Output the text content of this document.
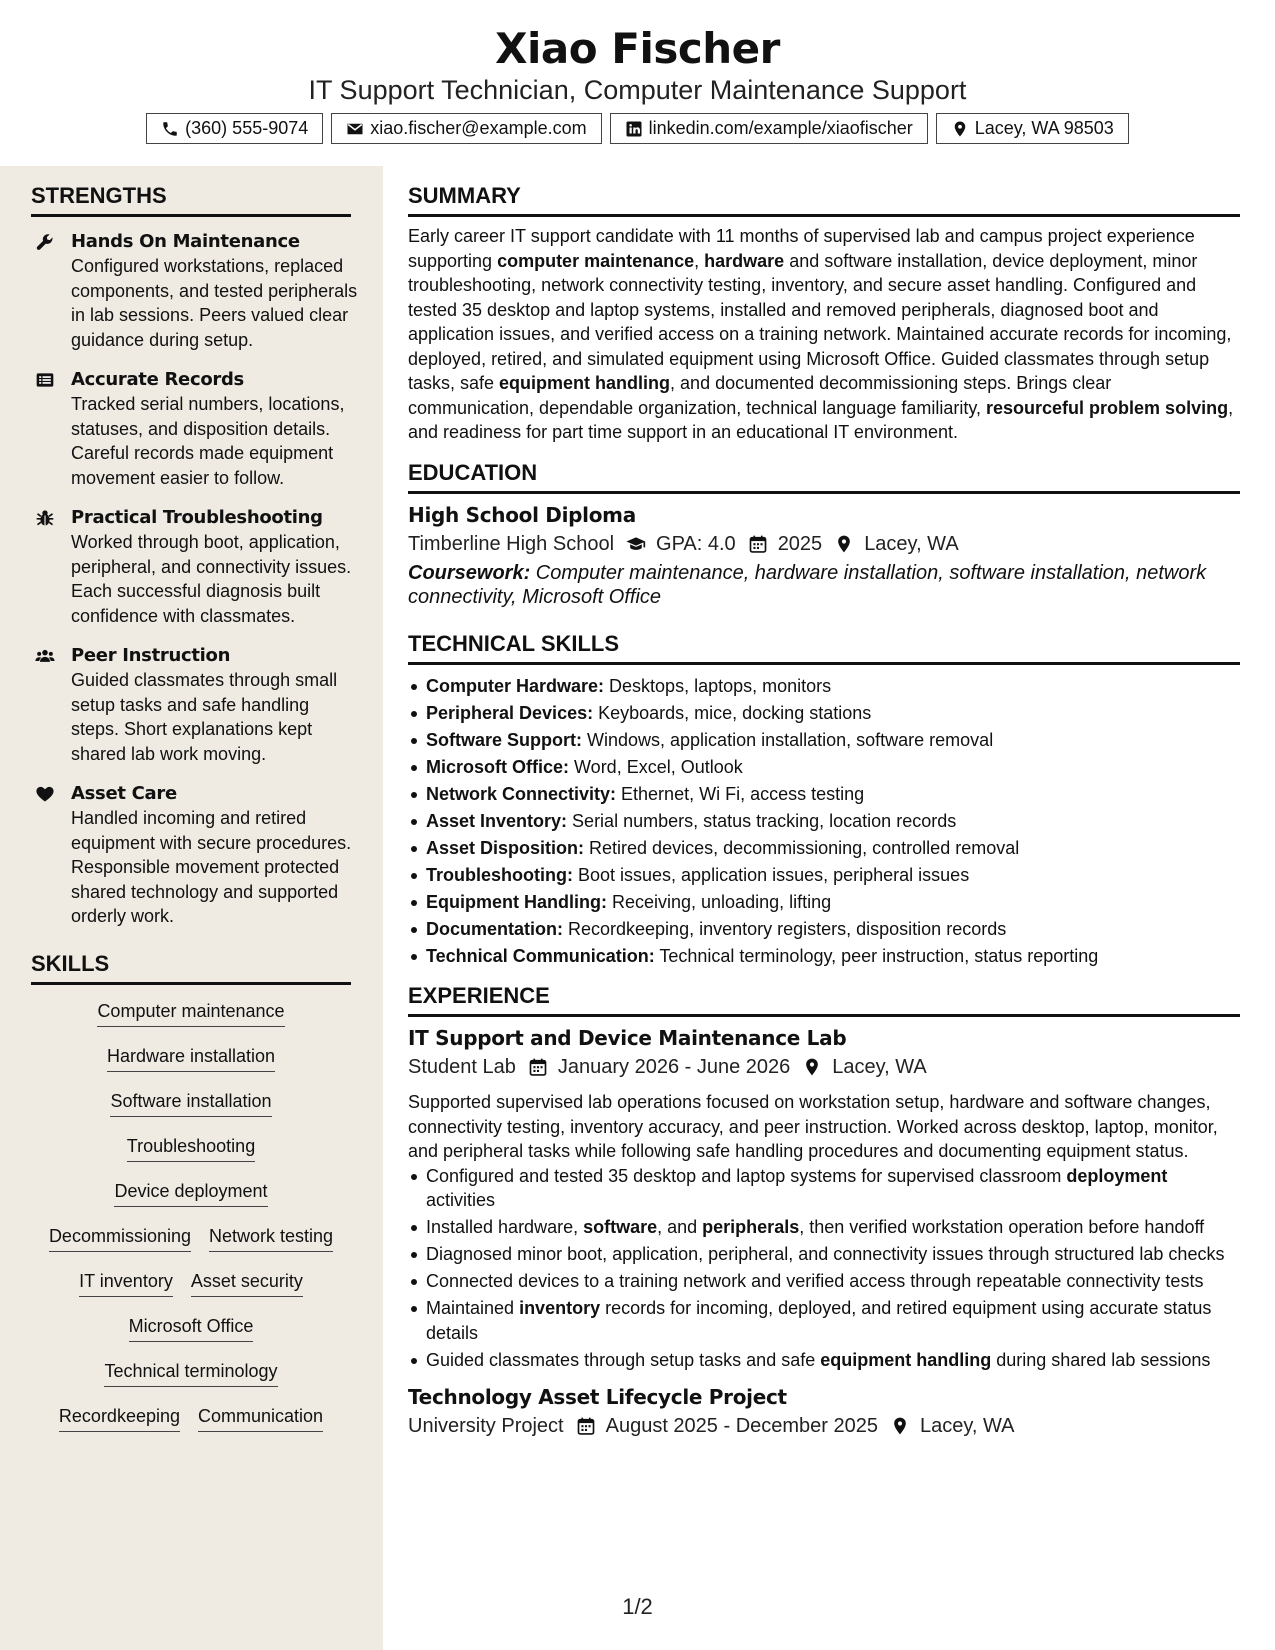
Xiao Fischer
IT Support Technician, Computer Maintenance Support
(360) 555-9074	xiao.fischer@example.com	linkedin.com/example/xiaofischer	Lacey, WA 98503
STRENGTHS
Hands On Maintenance
Configured workstations, replaced components, and tested peripherals in lab sessions. Peers valued clear guidance during setup.
Accurate Records
Tracked serial numbers, locations, statuses, and disposition details. Careful records made equipment movement easier to follow.
Practical Troubleshooting
Worked through boot, application, peripheral, and connectivity issues. Each successful diagnosis built confidence with classmates.
Peer Instruction
Guided classmates through small setup tasks and safe handling steps. Short explanations kept shared lab work moving.
Asset Care
Handled incoming and retired equipment with secure procedures. Responsible movement protected shared technology and supported orderly work.
SKILLS
Computer maintenance
Hardware installation
Software installation
Troubleshooting
Device deployment
Decommissioning Network testing
IT inventory Asset security
Microsoft Office
Technical terminology
Recordkeeping Communication
SUMMARY
Early career IT support candidate with 11 months of supervised lab and campus project experience supporting computer maintenance, hardware and software installation, device deployment, minor troubleshooting, network connectivity testing, inventory, and secure asset handling. Configured and tested 35 desktop and laptop systems, installed and removed peripherals, diagnosed boot and application issues, and verified access on a training network. Maintained accurate records for incoming, deployed, retired, and simulated equipment using Microsoft Office. Guided classmates through setup tasks, safe equipment handling, and documented decommissioning steps. Brings clear communication, dependable organization, technical language familiarity, resourceful problem solving, and readiness for part time support in an educational IT environment.
EDUCATION
High School Diploma
Timberline High School GPA: 4.0 2025 Lacey, WA
Coursework: Computer maintenance, hardware installation, software installation, network connectivity, Microsoft Office
TECHNICAL SKILLS
Computer Hardware: Desktops, laptops, monitors
Peripheral Devices: Keyboards, mice, docking stations
Software Support: Windows, application installation, software removal
Microsoft Office: Word, Excel, Outlook
Network Connectivity: Ethernet, Wi Fi, access testing
Asset Inventory: Serial numbers, status tracking, location records
Asset Disposition: Retired devices, decommissioning, controlled removal
Troubleshooting: Boot issues, application issues, peripheral issues
Equipment Handling: Receiving, unloading, lifting
Documentation: Recordkeeping, inventory registers, disposition records
Technical Communication: Technical terminology, peer instruction, status reporting
EXPERIENCE
IT Support and Device Maintenance Lab
Student Lab January 2026 - June 2026 Lacey, WA
Supported supervised lab operations focused on workstation setup, hardware and software changes, connectivity testing, inventory accuracy, and peer instruction. Worked across desktop, laptop, monitor, and peripheral tasks while following safe handling procedures and documenting equipment status.
Configured and tested 35 desktop and laptop systems for supervised classroom deployment activities
Installed hardware, software, and peripherals, then verified workstation operation before handoff
Diagnosed minor boot, application, peripheral, and connectivity issues through structured lab checks
Connected devices to a training network and verified access through repeatable connectivity tests
Maintained inventory records for incoming, deployed, and retired equipment using accurate status details
Guided classmates through setup tasks and safe equipment handling during shared lab sessions
Technology Asset Lifecycle Project
University Project August 2025 - December 2025 Lacey, WA
1/2
